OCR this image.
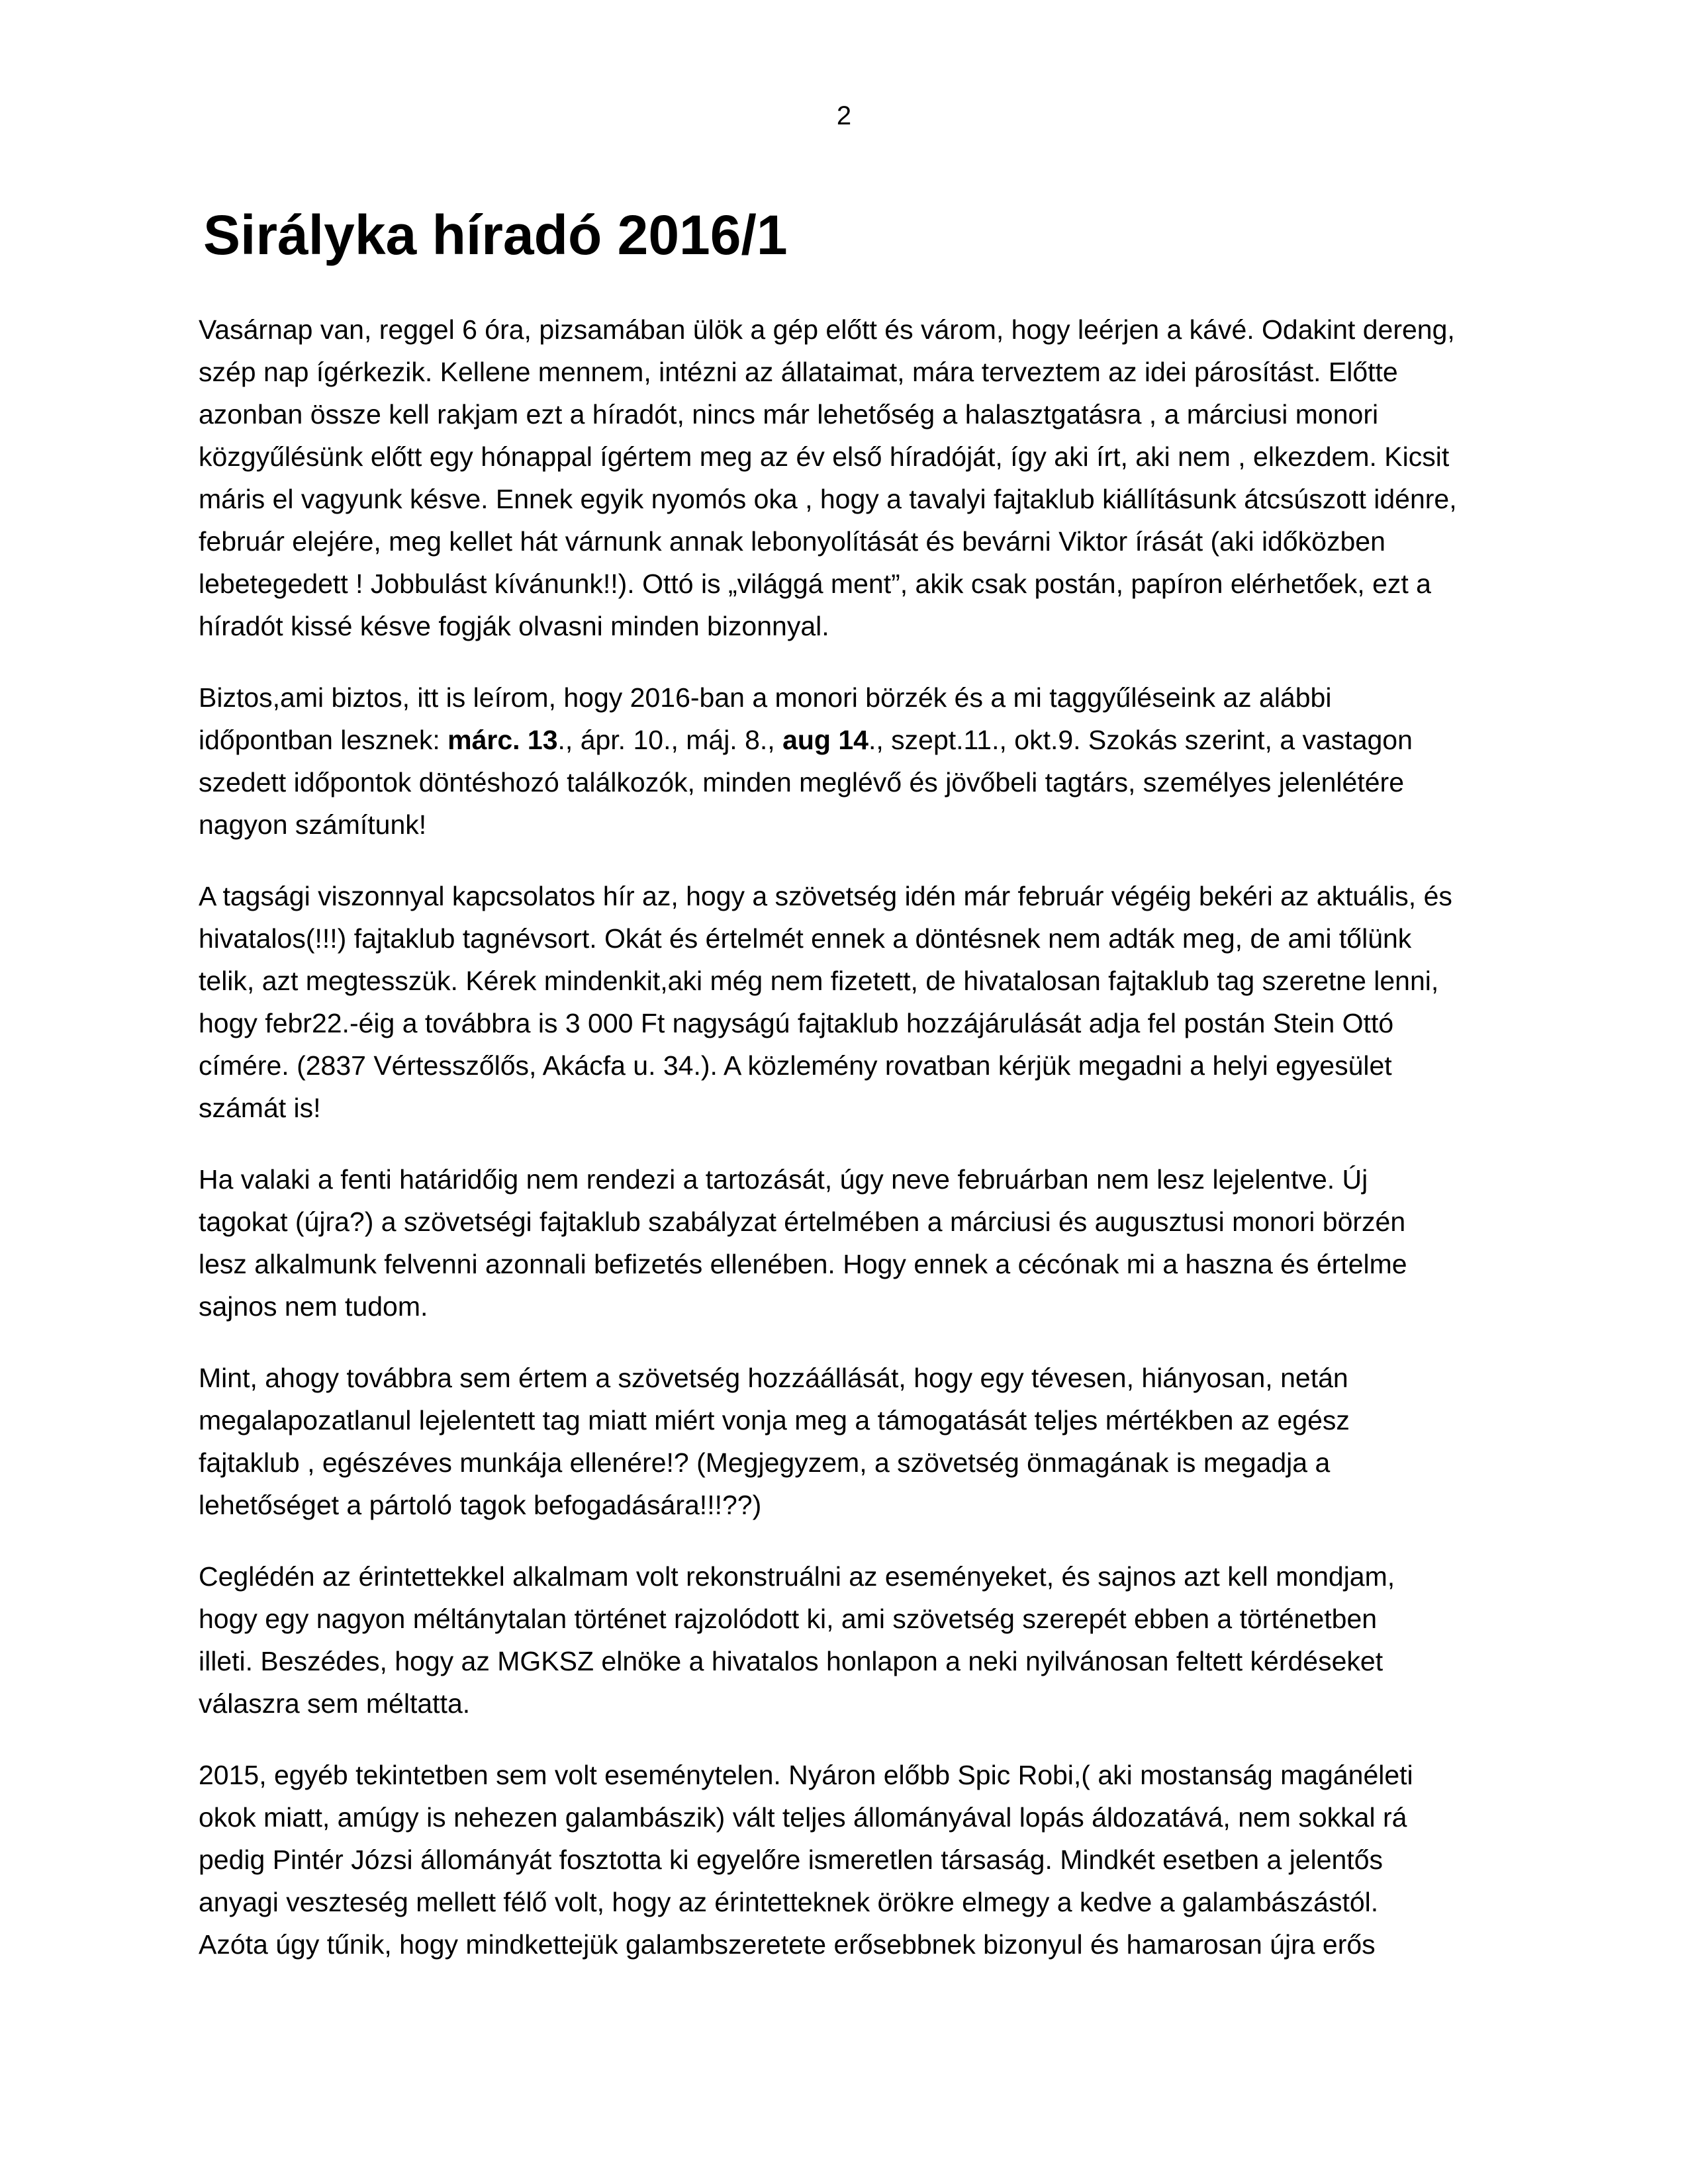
2
Sirályka híradó 2016/1

Vasárnap van, reggel 6 óra, pizsamában ülök a gép előtt és várom, hogy leérjen a kávé. Odakint dereng,
szép nap ígérkezik. Kellene mennem, intézni az állataimat, mára terveztem az idei párosítást. Előtte
azonban össze kell rakjam ezt a híradót, nincs már lehetőség a halasztgatásra , a márciusi monori
közgyűlésünk előtt egy hónappal ígértem meg az év első híradóját, így aki írt, aki nem , elkezdem. Kicsit
máris el vagyunk késve. Ennek egyik nyomós oka , hogy a tavalyi fajtaklub kiállításunk átcsúszott idénre,
február elejére, meg kellet hát várnunk annak lebonyolítását és bevárni Viktor írását (aki időközben
lebetegedett ! Jobbulást kívánunk!!). Ottó is „világgá ment”, akik csak postán, papíron elérhetőek, ezt a
híradót kissé késve fogják olvasni minden bizonnyal.

Biztos,ami biztos, itt is leírom, hogy 2016-ban a monori börzék és a mi taggyűléseink az alábbi
időpontban lesznek: márc. 13., ápr. 10., máj. 8., aug 14., szept.11., okt.9. Szokás szerint, a vastagon
szedett időpontok döntéshozó találkozók, minden meglévő és jövőbeli tagtárs, személyes jelenlétére
nagyon számítunk!

A tagsági viszonnyal kapcsolatos hír az, hogy a szövetség idén már február végéig bekéri az aktuális, és
hivatalos(!!!) fajtaklub tagnévsort. Okát és értelmét ennek a döntésnek nem adták meg, de ami tőlünk
telik, azt megtesszük. Kérek mindenkit,aki még nem fizetett, de hivatalosan fajtaklub tag szeretne lenni,
hogy febr22.-éig a továbbra is 3 000 Ft nagyságú fajtaklub hozzájárulását adja fel postán Stein Ottó
címére. (2837 Vértesszőlős, Akácfa u. 34.). A közlemény rovatban kérjük megadni a helyi egyesület
számát is!

Ha valaki a fenti határidőig nem rendezi a tartozását, úgy neve februárban nem lesz lejelentve. Új
tagokat (újra?) a szövetségi fajtaklub szabályzat értelmében a márciusi és augusztusi monori börzén
lesz alkalmunk felvenni azonnali befizetés ellenében. Hogy ennek a cécónak mi a haszna és értelme
sajnos nem tudom.

Mint, ahogy továbbra sem értem a szövetség hozzáállását, hogy egy tévesen, hiányosan, netán
megalapozatlanul lejelentett tag miatt miért vonja meg a támogatását teljes mértékben az egész
fajtaklub , egészéves munkája ellenére!? (Megjegyzem, a szövetség önmagának is megadja a
lehetőséget a pártoló tagok befogadására!!!??)

Ceglédén az érintettekkel alkalmam volt rekonstruálni az eseményeket, és sajnos azt kell mondjam,
hogy egy nagyon méltánytalan történet rajzolódott ki, ami szövetség szerepét ebben a történetben
illeti. Beszédes, hogy az MGKSZ elnöke a hivatalos honlapon a neki nyilvánosan feltett kérdéseket
válaszra sem méltatta.

2015, egyéb tekintetben sem volt eseménytelen. Nyáron előbb Spic Robi,( aki mostanság magánéleti
okok miatt, amúgy is nehezen galambászik) vált teljes állományával lopás áldozatává, nem sokkal rá
pedig Pintér Józsi állományát fosztotta ki egyelőre ismeretlen társaság. Mindkét esetben a jelentős
anyagi veszteség mellett félő volt, hogy az érintetteknek örökre elmegy a kedve a galambászástól.
Azóta úgy tűnik, hogy mindkettejük galambszeretete erősebbnek bizonyul és hamarosan újra erős
